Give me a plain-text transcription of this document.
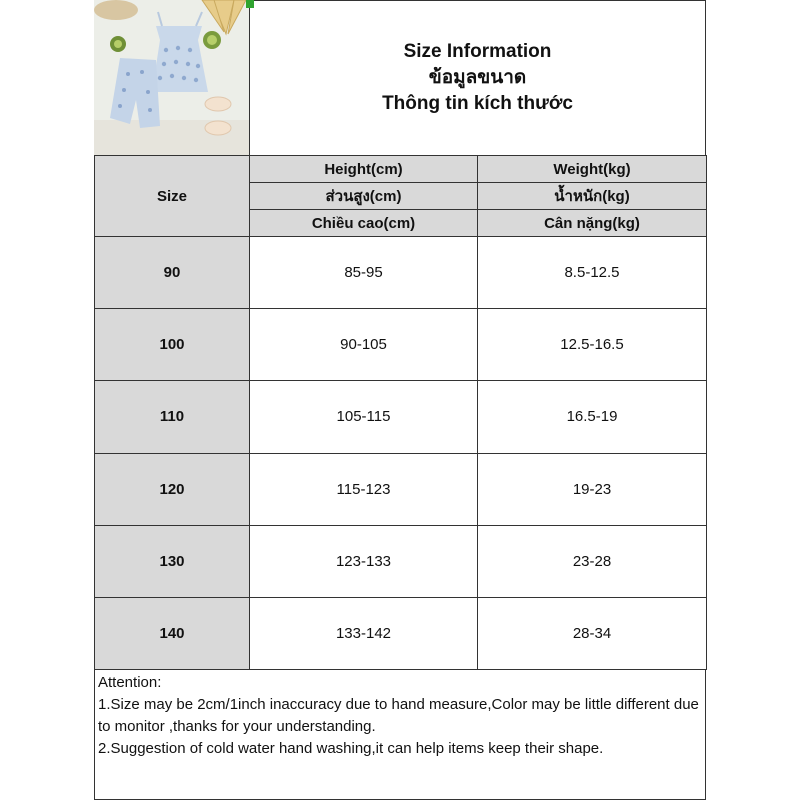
Size Information
ข้อมูลขนาด
Thông tin kích thước
Size	Height(cm)	Weight(kg)
	ส่วนสูง(cm)	น้ำหนัก(kg)
	Chiều cao(cm)	Cân nặng(kg)
90	85-95	8.5-12.5
100	90-105	12.5-16.5
110	105-115	16.5-19
120	115-123	19-23
130	123-133	23-28
140	133-142	28-34
Attention:
1.Size may be 2cm/1inch inaccuracy due to hand measure,Color may be little different due to monitor ,thanks for your understanding.
2.Suggestion of cold water hand washing,it can help items keep their shape.
